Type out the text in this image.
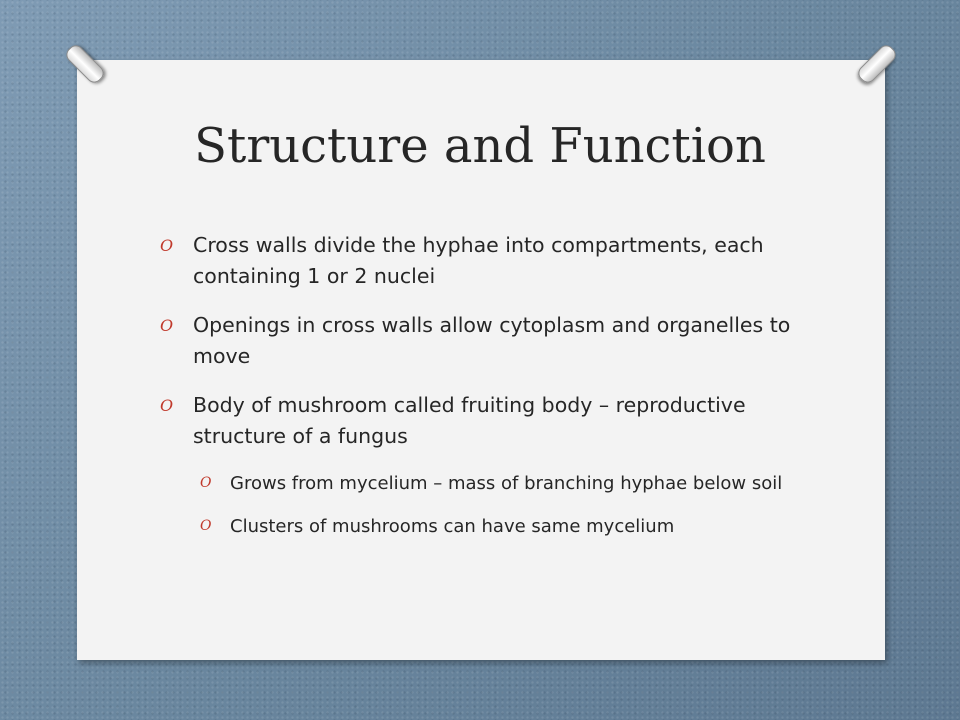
Structure and Function
O Cross walls divide the hyphae into compartments, each containing 1 or 2 nuclei
O Openings in cross walls allow cytoplasm and organelles to move
O Body of mushroom called fruiting body – reproductive structure of a fungus
O Grows from mycelium – mass of branching hyphae below soil
O Clusters of mushrooms can have same mycelium
